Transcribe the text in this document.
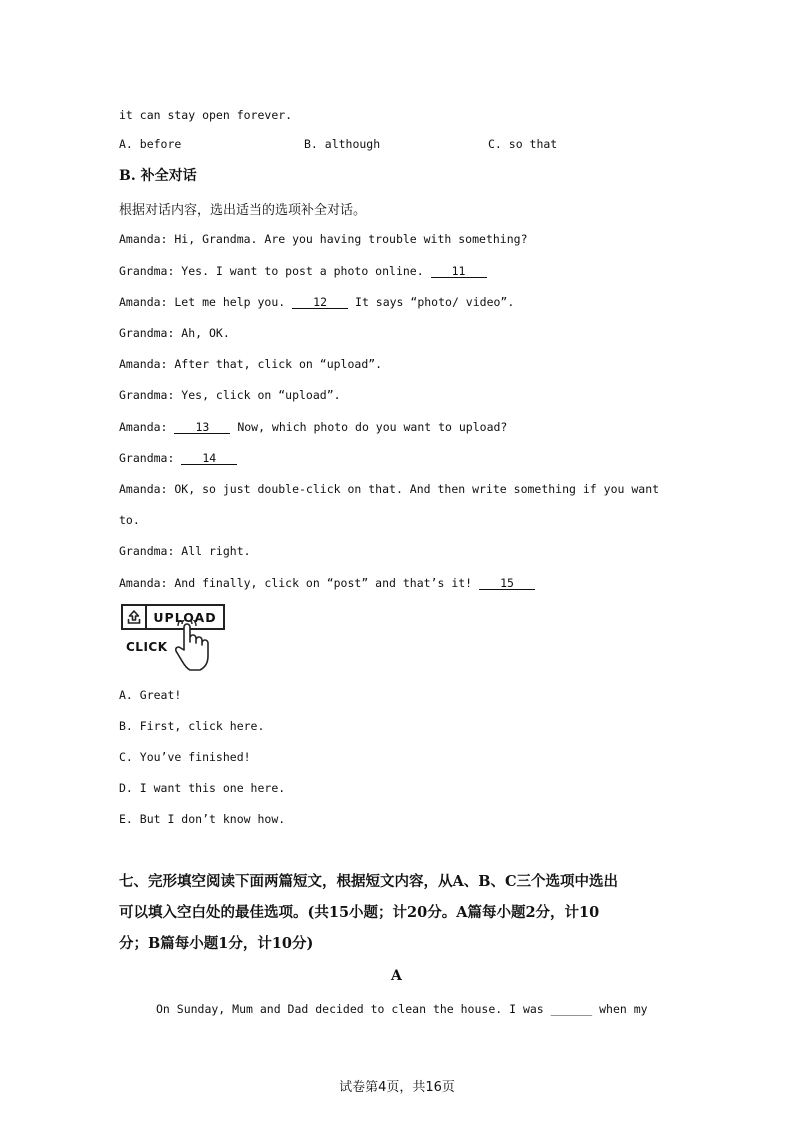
it can stay open forever.
A. before	B. although	C. so that
B. 补全对话
根据对话内容，选出适当的选项补全对话。
Amanda: Hi, Grandma. Are you having trouble with something?
Grandma: Yes. I want to post a photo online. 11
Amanda: Let me help you. 12 It says “photo/ video”.
Grandma: Ah, OK.
Amanda: After that, click on “upload”.
Grandma: Yes, click on “upload”.
Amanda: 13 Now, which photo do you want to upload?
Grandma: 14
Amanda: OK, so just double-click on that. And then write something if you want
to.
Grandma: All right.
Amanda: And finally, click on “post” and that’s it! 15
UPLOAD
CLICK
A. Great!
B. First, click here.
C. You’ve finished!
D. I want this one here.
E. But I don’t know how.
七、完形填空阅读下面两篇短文，根据短文内容，从A、B、C三个选项中选出
可以填入空白处的最佳选项。(共15小题；计20分。A篇每小题2分，计10
分；B篇每小题1分，计10分)
A
On Sunday, Mum and Dad decided to clean the house. I was ______ when my
试卷第4页，共16页
